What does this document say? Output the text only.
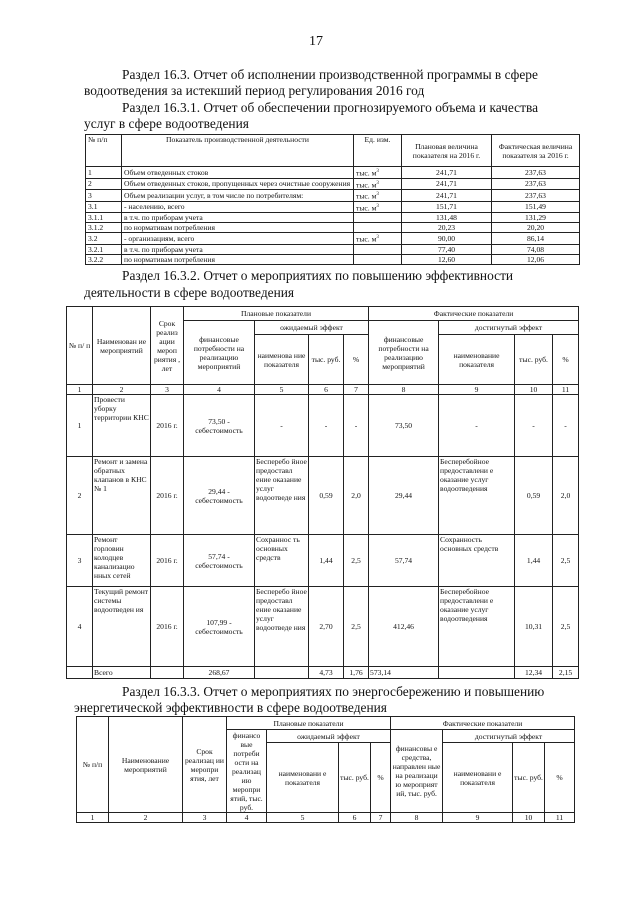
17
Раздел 16.3. Отчет об исполнении производственной программы в сфере
водоотведения за истекший период регулирования 2016 год
Раздел 16.3.1. Отчет об обеспечении прогнозируемого объема и качества
услуг в сфере водоотведения
№ п/п	Показатель производственной деятельности	Ед. изм.	Плановая величина показателя на 2016 г.	Фактическая величина показателя за 2016 г.
1	Объем отведенных стоков	тыс. $м^3$	241,71	237,63
2	Объем отведенных стоков, пропущенных через очистные сооружения	тыс. $м^3$	241,71	237,63
3	Объем реализации услуг, в том числе по потребителям:	тыс. $м^3$	241,71	237,63
3.1	- населению, всего	тыс. $м^3$	151,71	151,49
3.1.1	в т.ч. по приборам учета		131,48	131,29
3.1.2	по нормативам потребления		20,23	20,20
3.2	- организациям, всего	тыс. $м^3$	90,00	86,14
3.2.1	в т.ч. по приборам учета		77,40	74,08
3.2.2	по нормативам потребления		12,60	12,06
Раздел 16.3.2. Отчет о мероприятиях по повышению эффективности
деятельности в сфере водоотведения
№ п/ п	Наименован ие мероприятий	Срок реализ ации мероп риятия , лет	Плановые показатели				Фактические показатели			
			финансовые потребности на реализацию мероприятий	ожидаемый эффект			финансовые потребности на реализацию мероприятий	достигнутый эффект		
				наименова ние показателя	тыс. руб.	%		наименование показателя	тыс. руб.	%
1	2	3	4	5	6	7	8	9	10	11
1	Провести уборку территории КНС	2016 г.	73,50 - себестоимость	-	-	-	73,50	-	-	-
2	Ремонт и замена обратных клапанов в КНС № 1	2016 г.	29,44 - себестоимость	Бесперебо йное предоставл ение оказание услуг водоотведе ния	0,59	2,0	29,44	Бесперебойное предоставлени е оказание услуг водоотведения	0,59	2,0
3	Ремонт горловин колодцев канализацио нных сетей	2016 г.	57,74 - себестоимость	Сохраннос ть основных средств	1,44	2,5	57,74	Сохранность основных средств	1,44	2,5
4	Текущий ремонт системы водоотведен ия	2016 г.	107,99 - себестоимость	Бесперебо йное предоставл ение оказание услуг водоотведе ния	2,70	2,5	412,46	Бесперебойное предоставлени е оказание услуг водоотведения	10,31	2,5
	Всего		268,67		4,73	1,76	573,14		12,34	2,15
Раздел 16.3.3. Отчет о мероприятиях по энергосбережению и повышению
энергетической эффективности в сфере водоотведения
№ п/п	Наименование мероприятий	Срок реализац ии меропри ятия, лет	Плановые показатели				Фактические показатели			
			финанcо вые потреби ости на реализац ию меропри ятий, тыс. руб.	ожидаемый эффект			финансовы е средства, направлен ные на реализаци ю мероприят ий, тыс. руб.	достигнутый эффект		
				наименовани е показателя	тыс. руб.	%		наименовани е показателя	тыс. руб.	%
1	2	3	4	5	6	7	8	9	10	11
